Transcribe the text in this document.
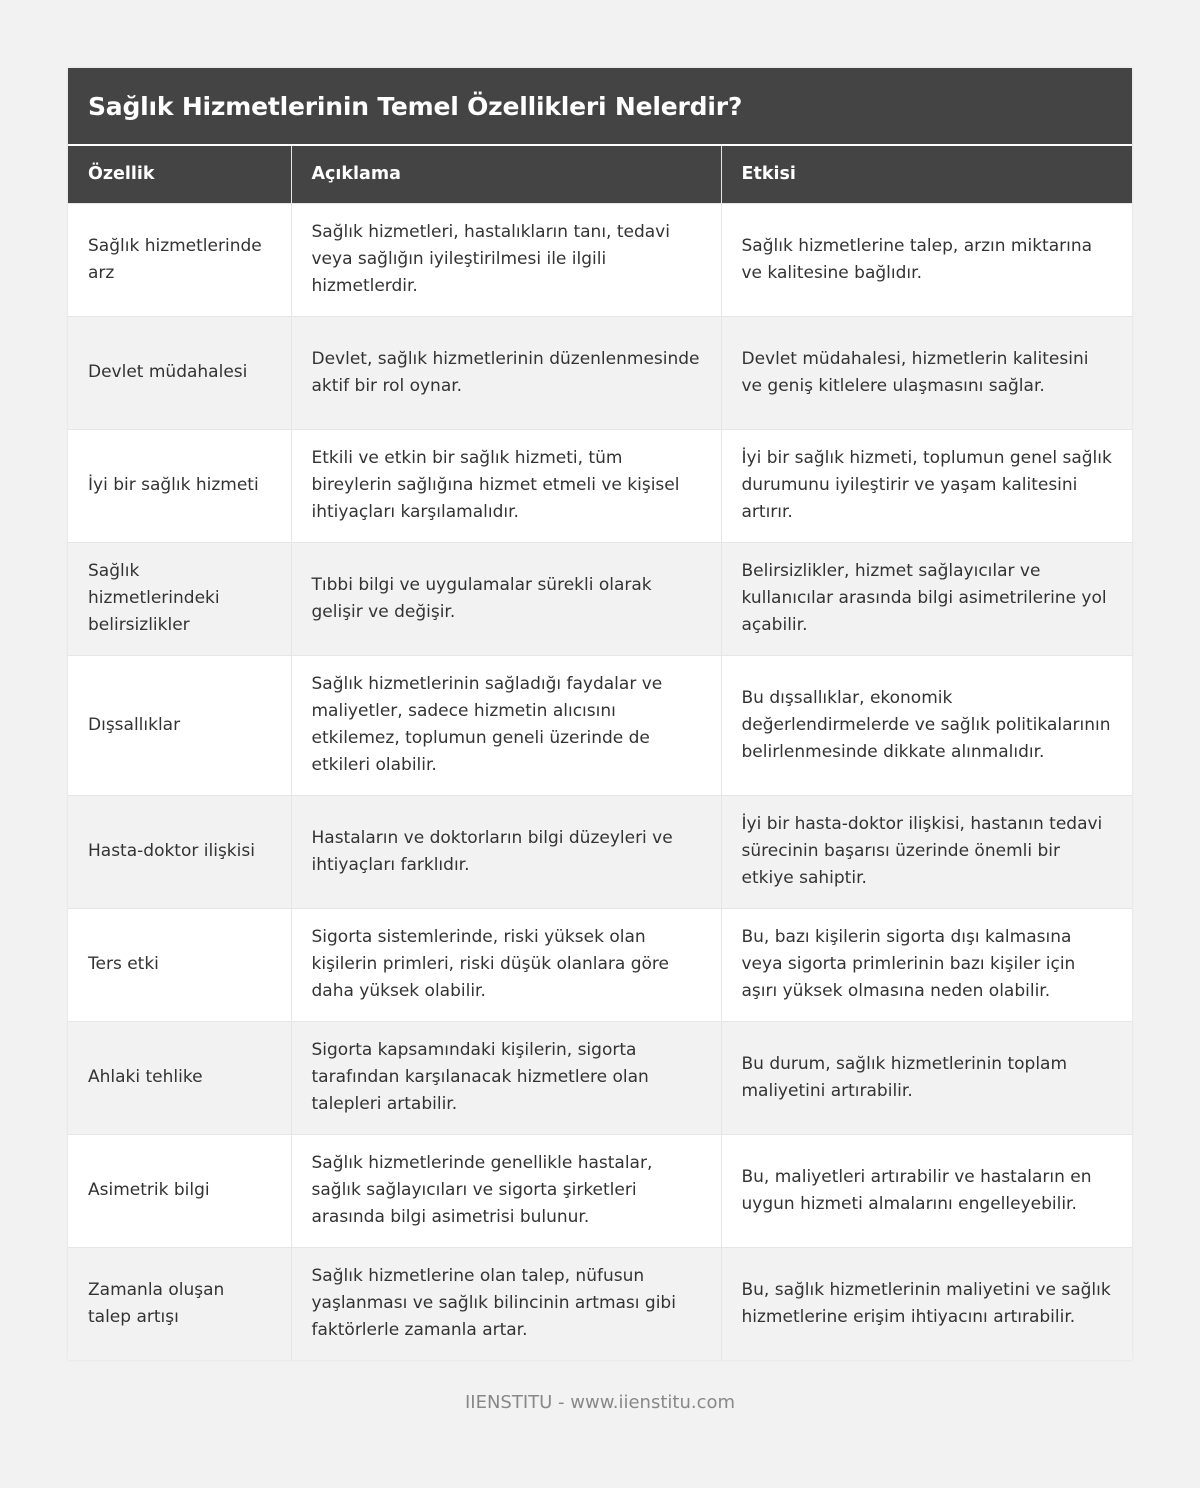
Sağlık Hizmetlerinin Temel Özellikleri Nelerdir?
Özellik	Açıklama	Etkisi
Sağlık hizmetlerinde arz	Sağlık hizmetleri, hastalıkların tanı, tedavi veya sağlığın iyileştirilmesi ile ilgili hizmetlerdir.	Sağlık hizmetlerine talep, arzın miktarına ve kalitesine bağlıdır.
Devlet müdahalesi	Devlet, sağlık hizmetlerinin düzenlenmesinde aktif bir rol oynar.	Devlet müdahalesi, hizmetlerin kalitesini ve geniş kitlelere ulaşmasını sağlar.
İyi bir sağlık hizmeti	Etkili ve etkin bir sağlık hizmeti, tüm bireylerin sağlığına hizmet etmeli ve kişisel ihtiyaçları karşılamalıdır.	İyi bir sağlık hizmeti, toplumun genel sağlık durumunu iyileştirir ve yaşam kalitesini artırır.
Sağlık hizmetlerindeki belirsizlikler	Tıbbi bilgi ve uygulamalar sürekli olarak gelişir ve değişir.	Belirsizlikler, hizmet sağlayıcılar ve kullanıcılar arasında bilgi asimetrilerine yol açabilir.
Dışsallıklar	Sağlık hizmetlerinin sağladığı faydalar ve maliyetler, sadece hizmetin alıcısını etkilemez, toplumun geneli üzerinde de etkileri olabilir.	Bu dışsallıklar, ekonomik değerlendirmelerde ve sağlık politikalarının belirlenmesinde dikkate alınmalıdır.
Hasta-doktor ilişkisi	Hastaların ve doktorların bilgi düzeyleri ve ihtiyaçları farklıdır.	İyi bir hasta-doktor ilişkisi, hastanın tedavi sürecinin başarısı üzerinde önemli bir etkiye sahiptir.
Ters etki	Sigorta sistemlerinde, riski yüksek olan kişilerin primleri, riski düşük olanlara göre daha yüksek olabilir.	Bu, bazı kişilerin sigorta dışı kalmasına veya sigorta primlerinin bazı kişiler için aşırı yüksek olmasına neden olabilir.
Ahlaki tehlike	Sigorta kapsamındaki kişilerin, sigorta tarafından karşılanacak hizmetlere olan talepleri artabilir.	Bu durum, sağlık hizmetlerinin toplam maliyetini artırabilir.
Asimetrik bilgi	Sağlık hizmetlerinde genellikle hastalar, sağlık sağlayıcıları ve sigorta şirketleri arasında bilgi asimetrisi bulunur.	Bu, maliyetleri artırabilir ve hastaların en uygun hizmeti almalarını engelleyebilir.
Zamanla oluşan talep artışı	Sağlık hizmetlerine olan talep, nüfusun yaşlanması ve sağlık bilincinin artması gibi faktörlerle zamanla artar.	Bu, sağlık hizmetlerinin maliyetini ve sağlık hizmetlerine erişim ihtiyacını artırabilir.
IIENSTITU - www.iienstitu.com
